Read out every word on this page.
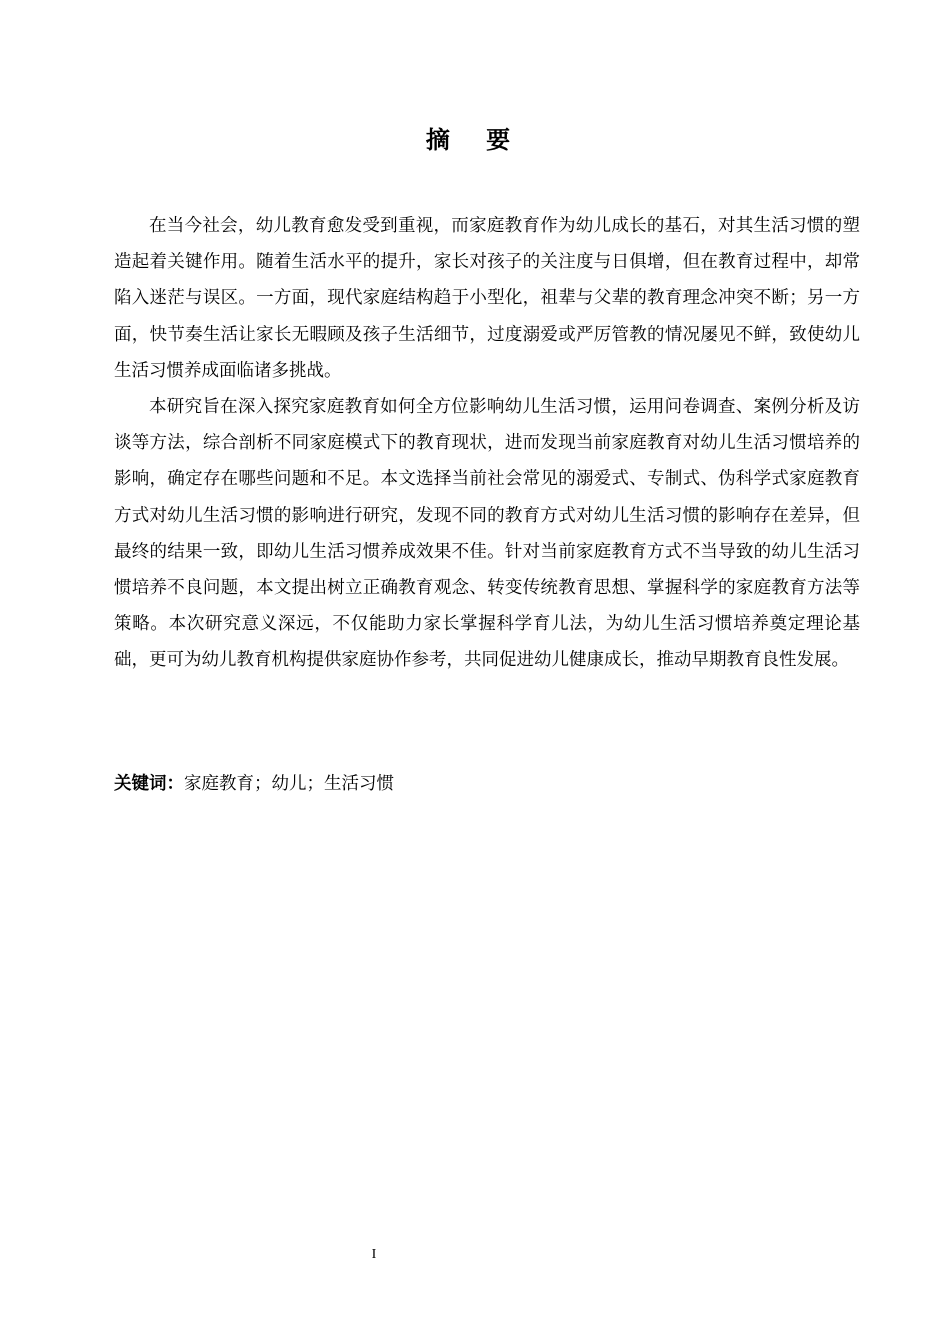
摘 要

在当今社会，幼儿教育愈发受到重视，而家庭教育作为幼儿成长的基石，对其生活习惯的塑造起着关键作用。随着生活水平的提升，家长对孩子的关注度与日俱增，但在教育过程中，却常陷入迷茫与误区。一方面，现代家庭结构趋于小型化，祖辈与父辈的教育理念冲突不断；另一方面，快节奏生活让家长无暇顾及孩子生活细节，过度溺爱或严厉管教的情况屡见不鲜，致使幼儿生活习惯养成面临诸多挑战。

本研究旨在深入探究家庭教育如何全方位影响幼儿生活习惯，运用问卷调查、案例分析及访谈等方法，综合剖析不同家庭模式下的教育现状，进而发现当前家庭教育对幼儿生活习惯培养的影响，确定存在哪些问题和不足。本文选择当前社会常见的溺爱式、专制式、伪科学式家庭教育方式对幼儿生活习惯的影响进行研究，发现不同的教育方式对幼儿生活习惯的影响存在差异，但最终的结果一致，即幼儿生活习惯养成效果不佳。针对当前家庭教育方式不当导致的幼儿生活习惯培养不良问题，本文提出树立正确教育观念、转变传统教育思想、掌握科学的家庭教育方法等策略。本次研究意义深远，不仅能助力家长掌握科学育儿法，为幼儿生活习惯培养奠定理论基础，更可为幼儿教育机构提供家庭协作参考，共同促进幼儿健康成长，推动早期教育良性发展。

关键词：家庭教育；幼儿；生活习惯
I
